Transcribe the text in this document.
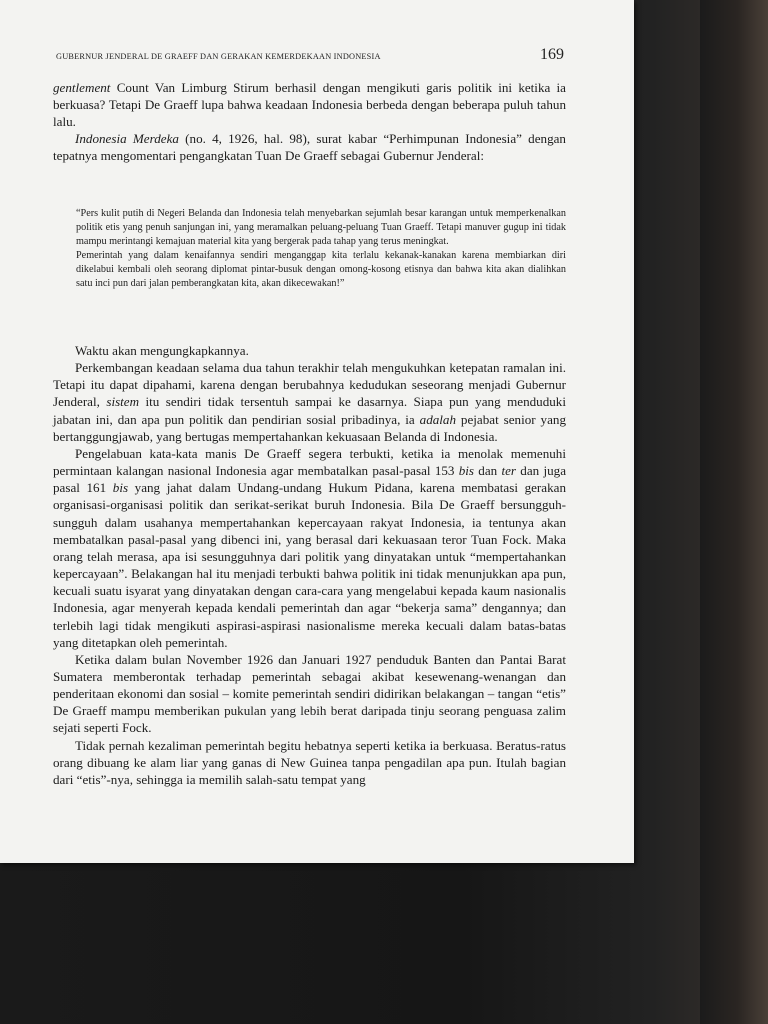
GUBERNUR JENDERAL DE GRAEFF DAN GERAKAN KEMERDEKAAN INDONESIA	169

gentlement Count Van Limburg Stirum berhasil dengan mengikuti garis politik ini ketika ia berkuasa? Tetapi De Graeff lupa bahwa keadaan Indonesia berbeda dengan beberapa puluh tahun lalu.

Indonesia Merdeka (no. 4, 1926, hal. 98), surat kabar “Perhimpunan Indonesia” dengan tepatnya mengomentari pengangkatan Tuan De Graeff sebagai Gubernur Jenderal:

“Pers kulit putih di Negeri Belanda dan Indonesia telah menyebarkan sejumlah besar karangan untuk memperkenalkan politik etis yang penuh sanjungan ini, yang meramalkan peluang-peluang Tuan Graeff. Tetapi manuver gugup ini tidak mampu merintangi kemajuan material kita yang bergerak pada tahap yang terus meningkat.

Pemerintah yang dalam kenaifannya sendiri menganggap kita terlalu kekanak-kanakan karena membiarkan diri dikelabui kembali oleh seorang diplomat pintar-busuk dengan omong-kosong etisnya dan bahwa kita akan dialihkan satu inci pun dari jalan pemberangkatan kita, akan dikecewakan!”

Waktu akan mengungkapkannya.

Perkembangan keadaan selama dua tahun terakhir telah mengukuhkan ketepatan ramalan ini. Tetapi itu dapat dipahami, karena dengan berubahnya kedudukan seseorang menjadi Gubernur Jenderal, sistem itu sendiri tidak tersentuh sampai ke dasarnya. Siapa pun yang menduduki jabatan ini, dan apa pun politik dan pendirian sosial pribadinya, ia adalah pejabat senior yang bertanggungjawab, yang bertugas mempertahankan kekuasaan Belanda di Indonesia.

Pengelabuan kata-kata manis De Graeff segera terbukti, ketika ia menolak memenuhi permintaan kalangan nasional Indonesia agar membatalkan pasal-pasal 153 bis dan ter dan juga pasal 161 bis yang jahat dalam Undang-undang Hukum Pidana, karena membatasi gerakan organisasi-organisasi politik dan serikat-serikat buruh Indonesia. Bila De Graeff bersungguh-sungguh dalam usahanya mempertahankan kepercayaan rakyat Indonesia, ia tentunya akan membatalkan pasal-pasal yang dibenci ini, yang berasal dari kekuasaan teror Tuan Fock. Maka orang telah merasa, apa isi sesungguhnya dari politik yang dinyatakan untuk “mempertahankan kepercayaan”. Belakangan hal itu menjadi terbukti bahwa politik ini tidak menunjukkan apa pun, kecuali suatu isyarat yang dinyatakan dengan cara-cara yang mengelabui kepada kaum nasionalis Indonesia, agar menyerah kepada kendali pemerintah dan agar “bekerja sama” dengannya; dan terlebih lagi tidak mengikuti aspirasi-aspirasi nasionalisme mereka kecuali dalam batas-batas yang ditetapkan oleh pemerintah.

Ketika dalam bulan November 1926 dan Januari 1927 penduduk Banten dan Pantai Barat Sumatera memberontak terhadap pemerintah sebagai akibat kesewenang-wenangan dan penderitaan ekonomi dan sosial – komite pemerintah sendiri didirikan belakangan – tangan “etis” De Graeff mampu memberikan pukulan yang lebih berat daripada tinju seorang penguasa zalim sejati seperti Fock.

Tidak pernah kezaliman pemerintah begitu hebatnya seperti ketika ia berkuasa. Beratus-ratus orang dibuang ke alam liar yang ganas di New Guinea tanpa pengadilan apa pun. Itulah bagian dari “etis”-nya, sehingga ia memilih salah-satu tempat yang
